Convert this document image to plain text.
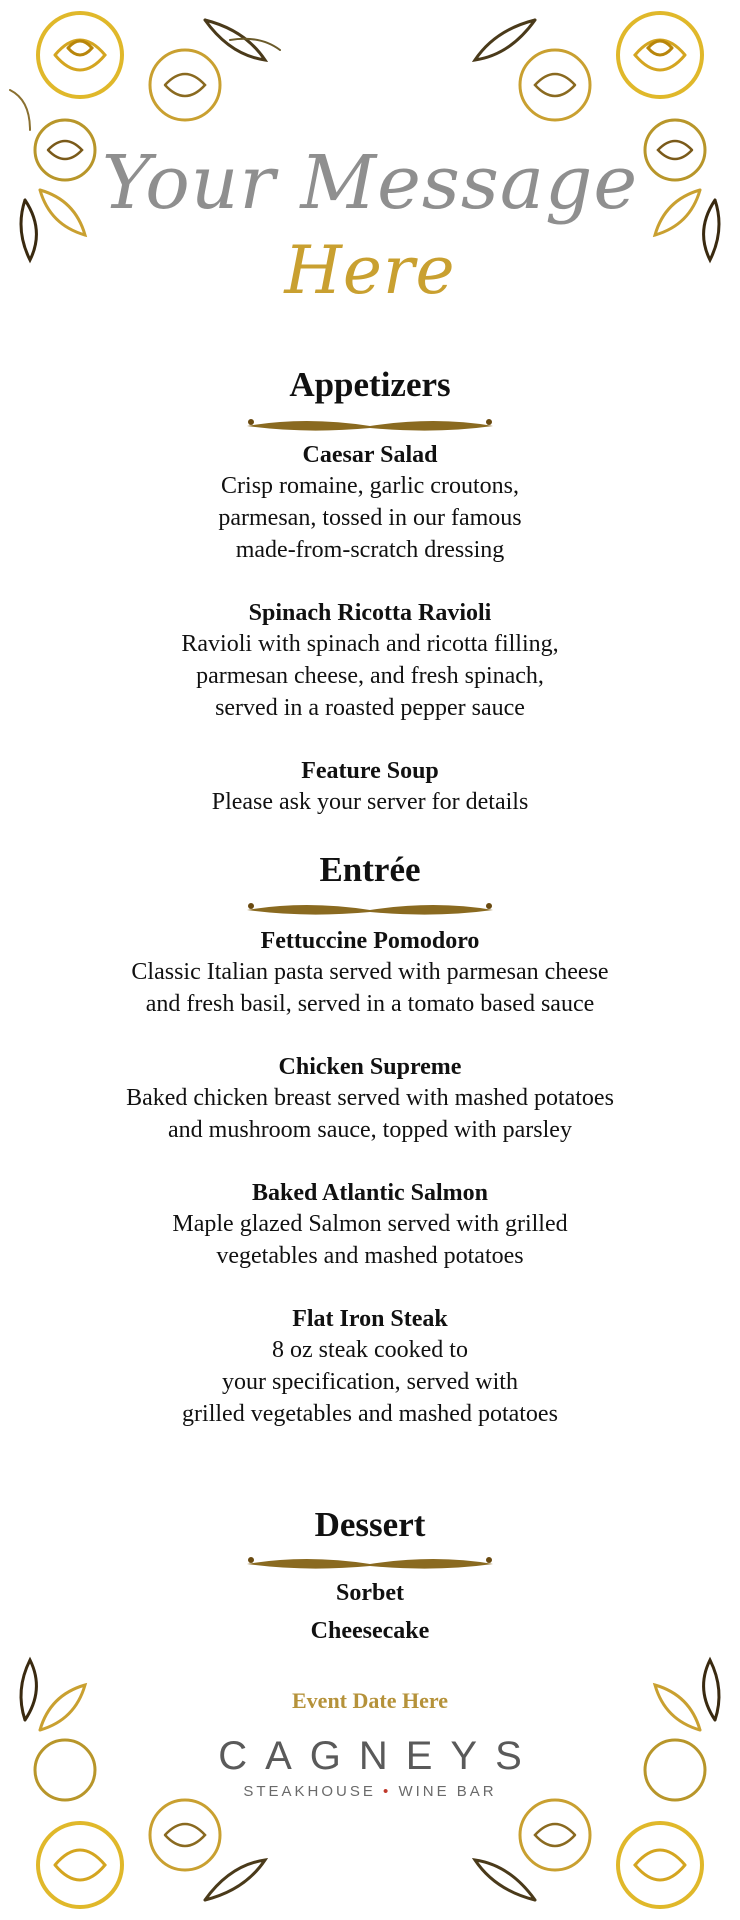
Your Message
Here
Appetizers
Caesar Salad
Crisp romaine, garlic croutons,
parmesan, tossed in our famous
made-from-scratch dressing
Spinach Ricotta Ravioli
Ravioli with spinach and ricotta filling,
parmesan cheese, and fresh spinach,
served in a roasted pepper sauce
Feature Soup
Please ask your server for details
Entrée
Fettuccine Pomodoro
Classic Italian pasta served with parmesan cheese
and fresh basil, served in a tomato based sauce
Chicken Supreme
Baked chicken breast served with mashed potatoes
and mushroom sauce, topped with parsley
Baked Atlantic Salmon
Maple glazed Salmon served with grilled
vegetables and mashed potatoes
Flat Iron Steak
8 oz steak cooked to
your specification, served with
grilled vegetables and mashed potatoes
Dessert
Sorbet
Cheesecake
Event Date Here
CAGNEYS
STEAKHOUSE • WINE BAR
